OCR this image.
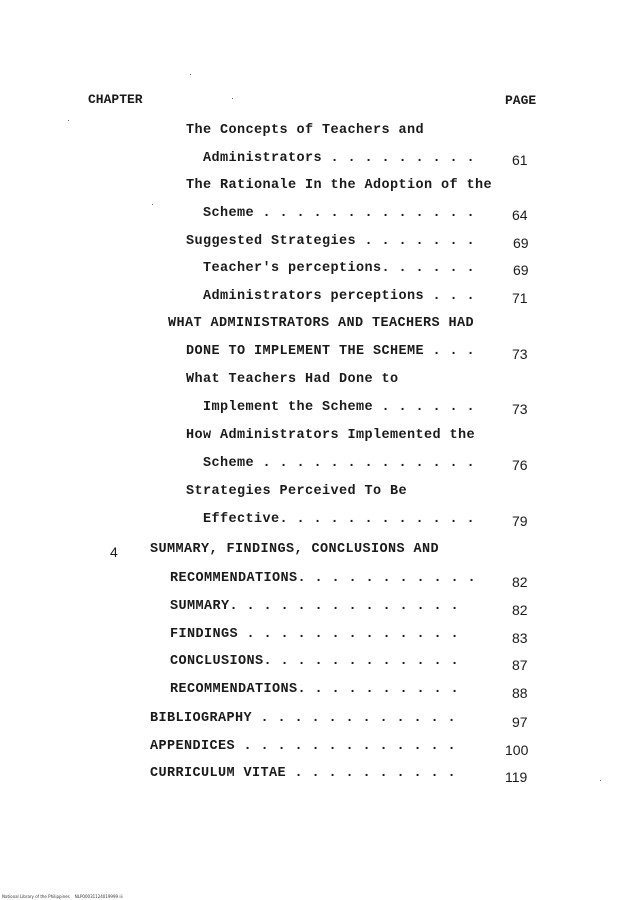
CHAPTER	PAGE
The Concepts of Teachers and
Administrators . . . . . . . . .	61
The Rationale In the Adoption of the
Scheme . . . . . . . . . . . . .	64
Suggested Strategies . . . . . . .	69
Teacher's perceptions. . . . . .	69
Administrators perceptions . . .	71
WHAT ADMINISTRATORS AND TEACHERS HAD
DONE TO IMPLEMENT THE SCHEME . . .	73
What Teachers Had Done to
Implement the Scheme . . . . . .	73
How Administrators Implemented the
Scheme . . . . . . . . . . . . .	76
Strategies Perceived To Be
Effective. . . . . . . . . . . .	79
4 SUMMARY, FINDINGS, CONCLUSIONS AND
RECOMMENDATIONS. . . . . . . . . . .	82
SUMMARY. . . . . . . . . . . . . .	82
FINDINGS . . . . . . . . . . . . .	83
CONCLUSIONS. . . . . . . . . . . .	87
RECOMMENDATIONS. . . . . . . . . .	88
BIBLIOGRAPHY . . . . . . . . . . . .	97
APPENDICES . . . . . . . . . . . . .	100
CURRICULUM VITAE . . . . . . . . . .	119
National Library of the Philippines    NLP00031124019999 iii
